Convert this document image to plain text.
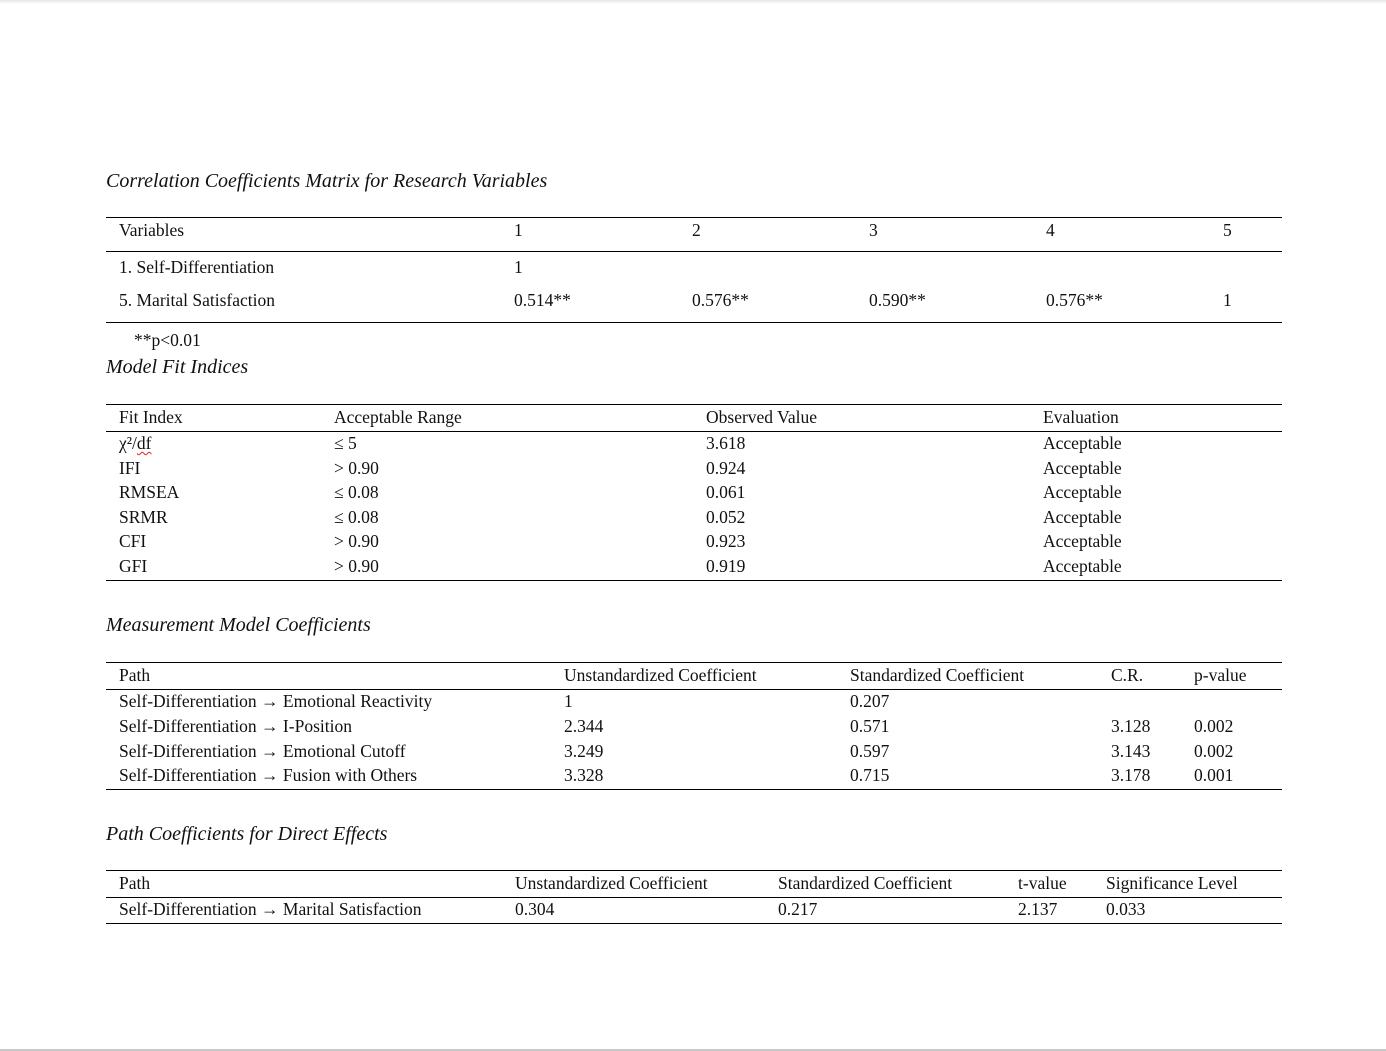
Correlation Coefficients Matrix for Research Variables
Variables	1	2	3	4	5
1. Self-Differentiation	1
5. Marital Satisfaction	0.514**	0.576**	0.590**	0.576**	1
**p<0.01
Model Fit Indices
Fit Index	Acceptable Range	Observed Value	Evaluation
χ²/df	≤ 5	3.618	Acceptable
IFI	> 0.90	0.924	Acceptable
RMSEA	≤ 0.08	0.061	Acceptable
SRMR	≤ 0.08	0.052	Acceptable
CFI	> 0.90	0.923	Acceptable
GFI	> 0.90	0.919	Acceptable
Measurement Model Coefficients
Path	Unstandardized Coefficient	Standardized Coefficient	C.R.	p-value
Self-Differentiation → Emotional Reactivity	1	0.207
Self-Differentiation → I-Position	2.344	0.571	3.128 0.002
Self-Differentiation → Emotional Cutoff	3.249	0.597	3.143 0.002
Self-Differentiation → Fusion with Others	3.328	0.715	3.178 0.001
Path Coefficients for Direct Effects
Path	Unstandardized Coefficient	Standardized Coefficient	t-value Significance Level
Self-Differentiation → Marital Satisfaction	0.304	0.217	2.137	0.033
